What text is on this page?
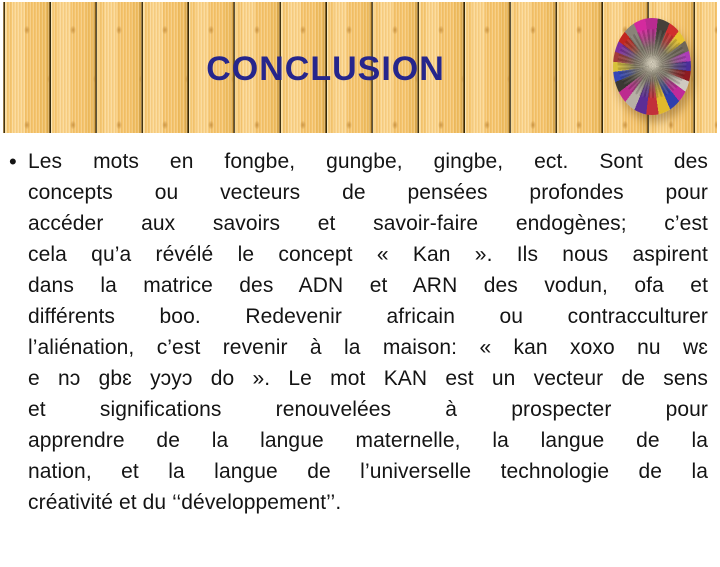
CONCLUSION
• Les mots en fongbe, gungbe, gingbe, ect. Sont des
concepts ou vecteurs de pensées profondes pour
accéder aux savoirs et savoir-faire endogènes; c’est
cela qu’a révélé le concept « Kan ». Ils nous aspirent
dans la matrice des ADN et ARN des vodun, ofa et
différents boo. Redevenir africain ou contracculturer
l’aliénation, c’est revenir à la maison: « kan xoxo nu wɛ
e nɔ gbɛ yɔyɔ do ». Le mot KAN est un vecteur de sens
et significations renouvelées à prospecter pour
apprendre de la langue maternelle, la langue de la
nation, et la langue de l’universelle technologie de la
créativité et du ‘‘développement’’.
